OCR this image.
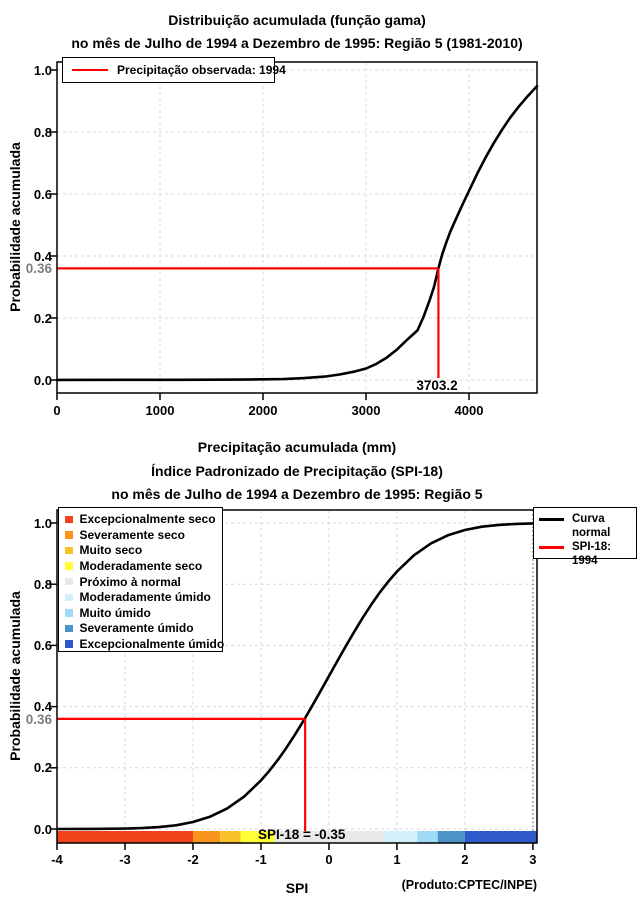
0.0
0.2
0.4
0.6
0.8
1.0
0	1000	2000	3000	4000
0.0
0.2
0.4
0.6
0.8
1.0
-4	-3	-2	-1	0	1	2	3
Distribuição acumulada (função gama)
no mês de Julho de 1994 a Dezembro de 1995: Região 5 (1981-2010)
Probabilidade acumulada
Precipitação acumulada (mm)
Precipitação observada: 1994
0.36
3703.2
Índice Padronizado de Precipitação (SPI-18)
no mês de Julho de 1994 a Dezembro de 1995: Região 5
Probabilidade acumulada
SPI	(Produto:CPTEC/INPE)
Excepcionalmente seco
Severamente seco
Muito seco
Moderadamente seco
Próximo à normal
Moderadamente úmido
Muito úmido
Severamente úmido
Excepcionalmente úmido
Curva normal
SPI-18: 1994
0.36
SPI-18 = -0.35
